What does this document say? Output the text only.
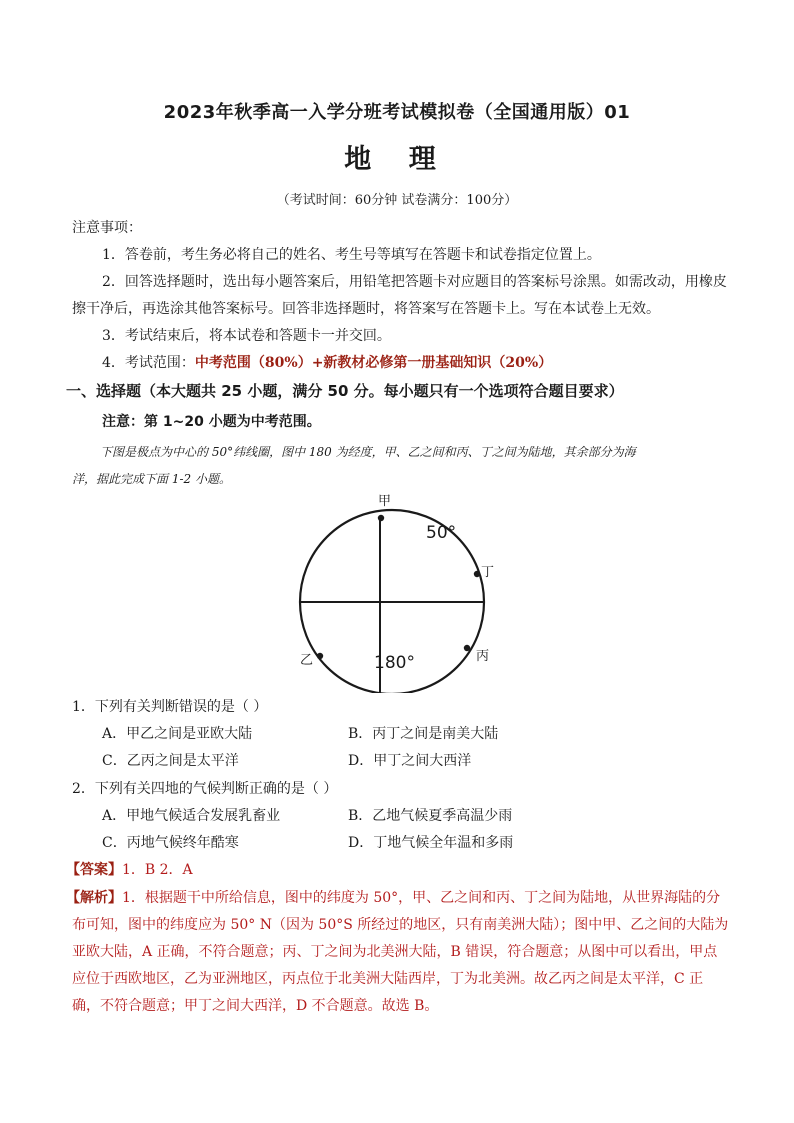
2023年秋季高一入学分班考试模拟卷（全国通用版）01
地 理
（考试时间：60分钟 试卷满分：100分）
注意事项：
1．答卷前，考生务必将自己的姓名、考生号等填写在答题卡和试卷指定位置上。
2．回答选择题时，选出每小题答案后，用铅笔把答题卡对应题目的答案标号涂黑。如需改动，用橡皮
擦干净后，再选涂其他答案标号。回答非选择题时，将答案写在答题卡上。写在本试卷上无效。
3．考试结束后，将本试卷和答题卡一并交回。
4．考试范围：中考范围（80%）+新教材必修第一册基础知识（20%）
一、选择题（本大题共 25 小题，满分 50 分。每小题只有一个选项符合题目要求）
注意：第 1~20 小题为中考范围。
下图是极点为中心的 50°纬线圈，图中 180 为经度，甲、乙之间和丙、丁之间为陆地，其余部分为海
洋，据此完成下面 1-2 小题。
甲
50°
丁
乙	180°	丙
1．下列有关判断错误的是（ ）
A．甲乙之间是亚欧大陆	B．丙丁之间是南美大陆
C．乙丙之间是太平洋	D．甲丁之间大西洋
2．下列有关四地的气候判断正确的是（ ）
A．甲地气候适合发展乳畜业	B．乙地气候夏季高温少雨
C．丙地气候终年酷寒	D．丁地气候全年温和多雨
【答案】1．B 2．A
【解析】1．根据题干中所给信息，图中的纬度为 50°，甲、乙之间和丙、丁之间为陆地，从世界海陆的分
布可知，图中的纬度应为 50° N（因为 50°S 所经过的地区，只有南美洲大陆）；图中甲、乙之间的大陆为
亚欧大陆，A 正确，不符合题意；丙、丁之间为北美洲大陆，B 错误，符合题意；从图中可以看出，甲点
应位于西欧地区，乙为亚洲地区，丙点位于北美洲大陆西岸，丁为北美洲。故乙丙之间是太平洋，C 正
确，不符合题意；甲丁之间大西洋，D 不合题意。故选 B。
